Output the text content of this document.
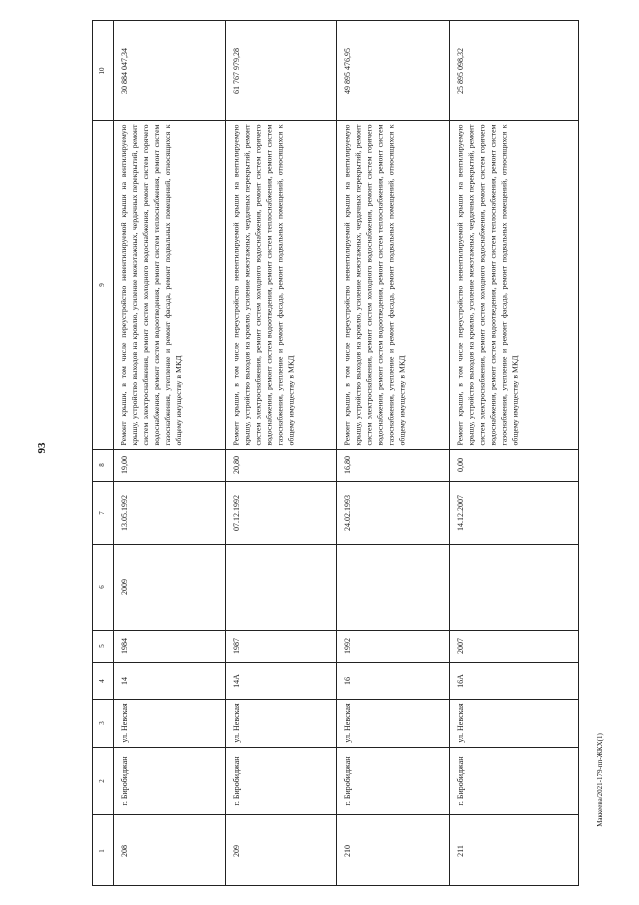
93
Маккеева/2021-179-пп-ЖКХ(1)
1
2
3
4
5
6
7
8
9
10
208
г. Биробиджан
ул. Невская
14
1984
2009
13.05.1992
19,00
Ремонт крыши, в том числе переустройство невентилируемой крыши на вентилируемую крышу, устройство выходов на кровлю, усиление межэтажных, чердачных перекрытий, ремонт систем электроснабжения, ремонт систем холодного водоснабжения, ремонт систем горячего водоснабжения, ремонт систем водоотведения, ремонт систем теплоснабжения, ремонт систем газоснабжения, утепление и ремонт фасада, ремонт подвальных помещений, относящихся к общему имуществу в МКД
30 884 047,34
209
г. Биробиджан
ул. Невская
14А
1987
07.12.1992
20,80
Ремонт крыши, в том числе переустройство невентилируемой крыши на вентилируемую крышу, устройство выходов на кровлю, усиление межэтажных, чердачных перекрытий, ремонт систем электроснабжения, ремонт систем холодного водоснабжения, ремонт систем горячего водоснабжения, ремонт систем водоотведения, ремонт систем теплоснабжения, ремонт систем газоснабжения, утепление и ремонт фасада, ремонт подвальных помещений, относящихся к общему имуществу в МКД
61 767 979,28
210
г. Биробиджан
ул. Невская
16
1992
24.02.1993
16,80
Ремонт крыши, в том числе переустройство невентилируемой крыши на вентилируемую крышу, устройство выходов на кровлю, усиление межэтажных, чердачных перекрытий, ремонт систем электроснабжения, ремонт систем холодного водоснабжения, ремонт систем горячего водоснабжения, ремонт систем водоотведения, ремонт систем теплоснабжения, ремонт систем газоснабжения, утепление и ремонт фасада, ремонт подвальных помещений, относящихся к общему имуществу в МКД
49 895 476,95
211
г. Биробиджан
ул. Невская
16А
2007
14.12.2007
0,00
Ремонт крыши, в том числе переустройство невентилируемой крыши на вентилируемую крышу, устройство выходов на кровлю, усиление межэтажных, чердачных перекрытий, ремонт систем электроснабжения, ремонт систем холодного водоснабжения, ремонт систем горячего водоснабжения, ремонт систем водоотведения, ремонт систем теплоснабжения, ремонт систем газоснабжения, утепление и ремонт фасада, ремонт подвальных помещений, относящихся к общему имуществу в МКД
25 895 098,32
